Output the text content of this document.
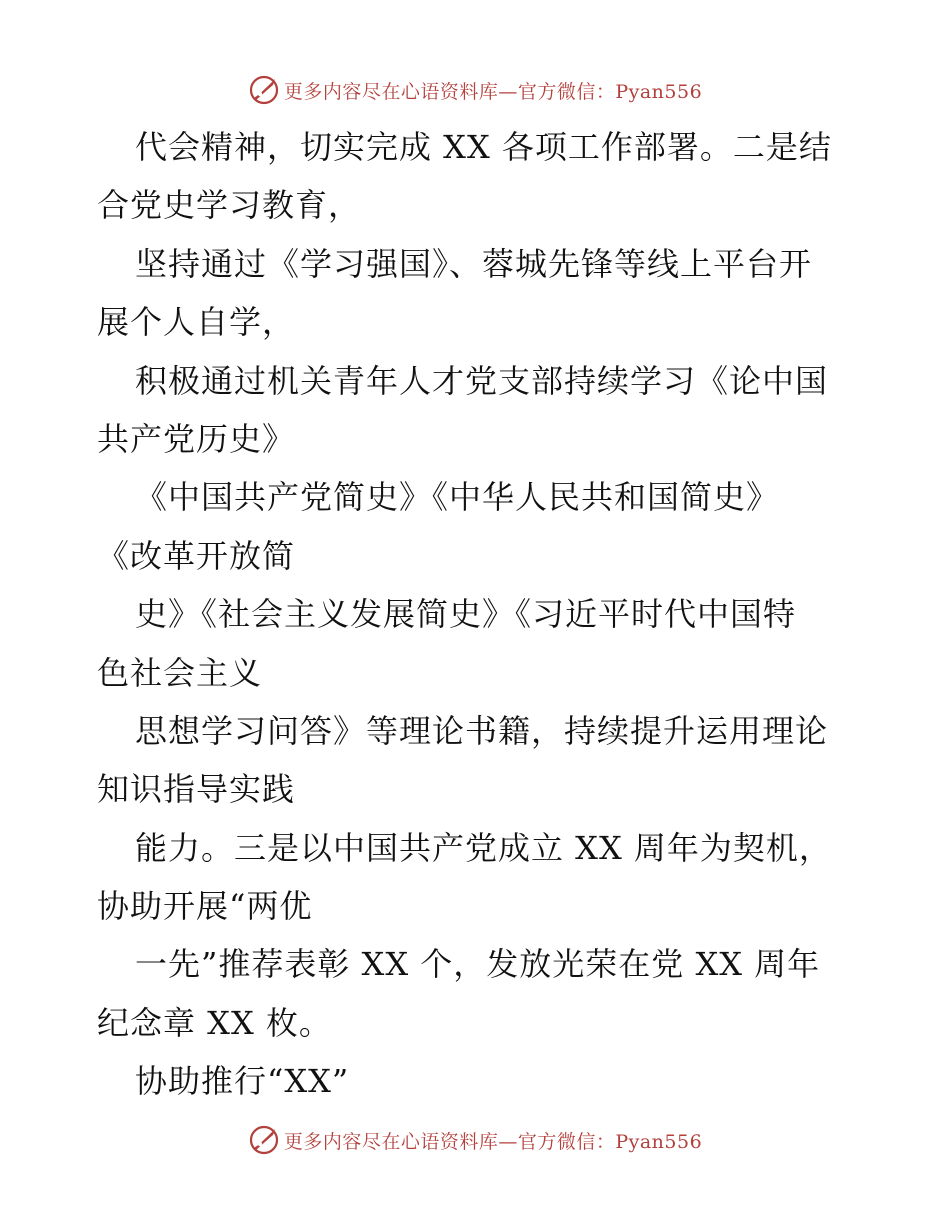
更多内容尽在心语资料库—官方微信：Pyan556
代会精神，切实完成 XX 各项工作部署。二是结
合党史学习教育，
坚持通过《学习强国》、蓉城先锋等线上平台开
展个人自学，
积极通过机关青年人才党支部持续学习《论中国
共产党历史》
《中国共产党简史》《中华人民共和国简史》
《改革开放简
史》《社会主义发展简史》《习近平时代中国特
色社会主义
思想学习问答》等理论书籍，持续提升运用理论
知识指导实践
能力。三是以中国共产党成立 XX 周年为契机，
协助开展“两优
一先”推荐表彰 XX 个，发放光荣在党 XX 周年
纪念章 XX 枚。
协助推行“XX”
更多内容尽在心语资料库—官方微信：Pyan556
